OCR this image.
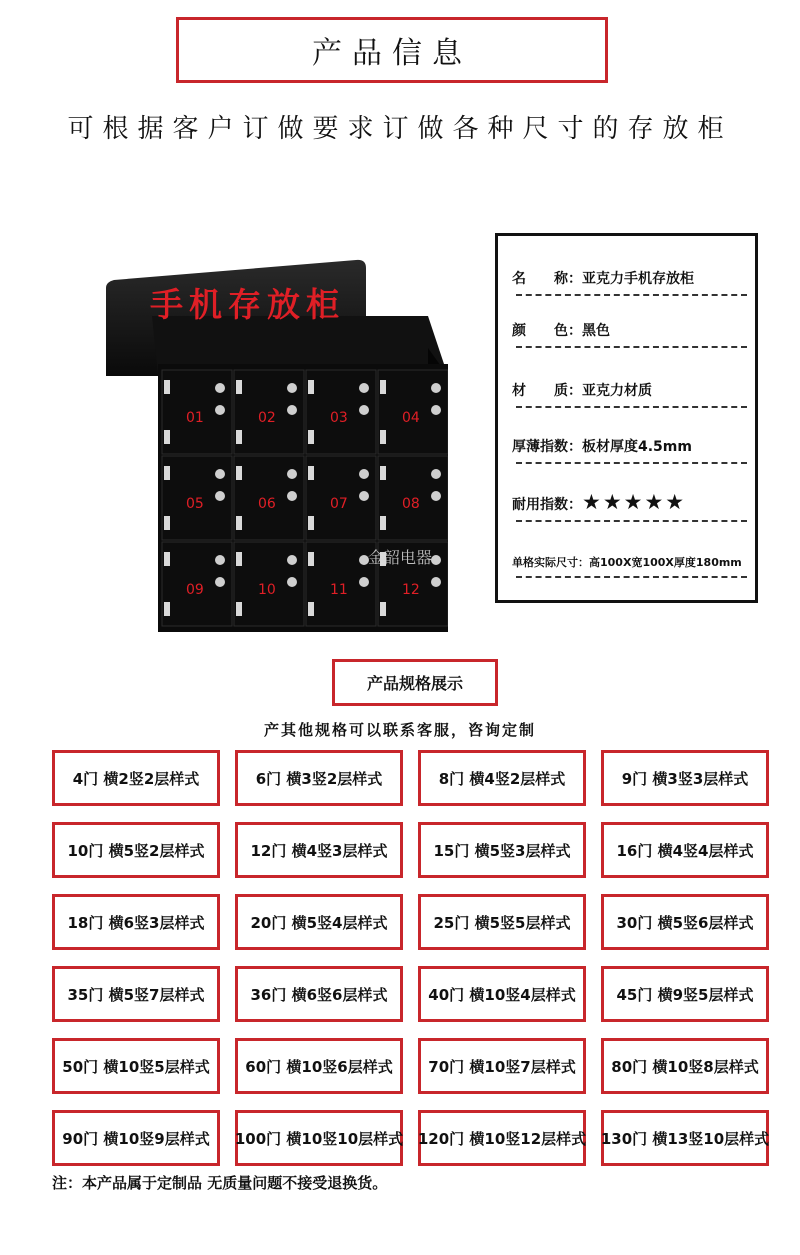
产品信息
可根据客户订做要求订做各种尺寸的存放柜
手机存放柜
01	02	03	04
05	06	07	08
09	10	11	12
金韶电器
名　　称：亚克力手机存放柜
颜　　色：黑色
材　　质：亚克力材质
厚薄指数：板材厚度4.5mm
耐用指数：★★★★★
单格实际尺寸：高100X宽100X厚度180mm
产品规格展示
产其他规格可以联系客服，咨询定制
4门 横2竖2层样式	6门 横3竖2层样式	8门 横4竖2层样式	9门 横3竖3层样式
10门 横5竖2层样式	12门 横4竖3层样式	15门 横5竖3层样式	16门 横4竖4层样式
18门 横6竖3层样式	20门 横5竖4层样式	25门 横5竖5层样式	30门 横5竖6层样式
35门 横5竖7层样式	36门 横6竖6层样式	40门 横10竖4层样式	45门 横9竖5层样式
50门 横10竖5层样式	60门 横10竖6层样式	70门 横10竖7层样式	80门 横10竖8层样式
90门 横10竖9层样式	100门 横10竖10层样式 120门 横10竖12层样式 130门 横13竖10层样式
注：本产品属于定制品 无质量问题不接受退换货。
